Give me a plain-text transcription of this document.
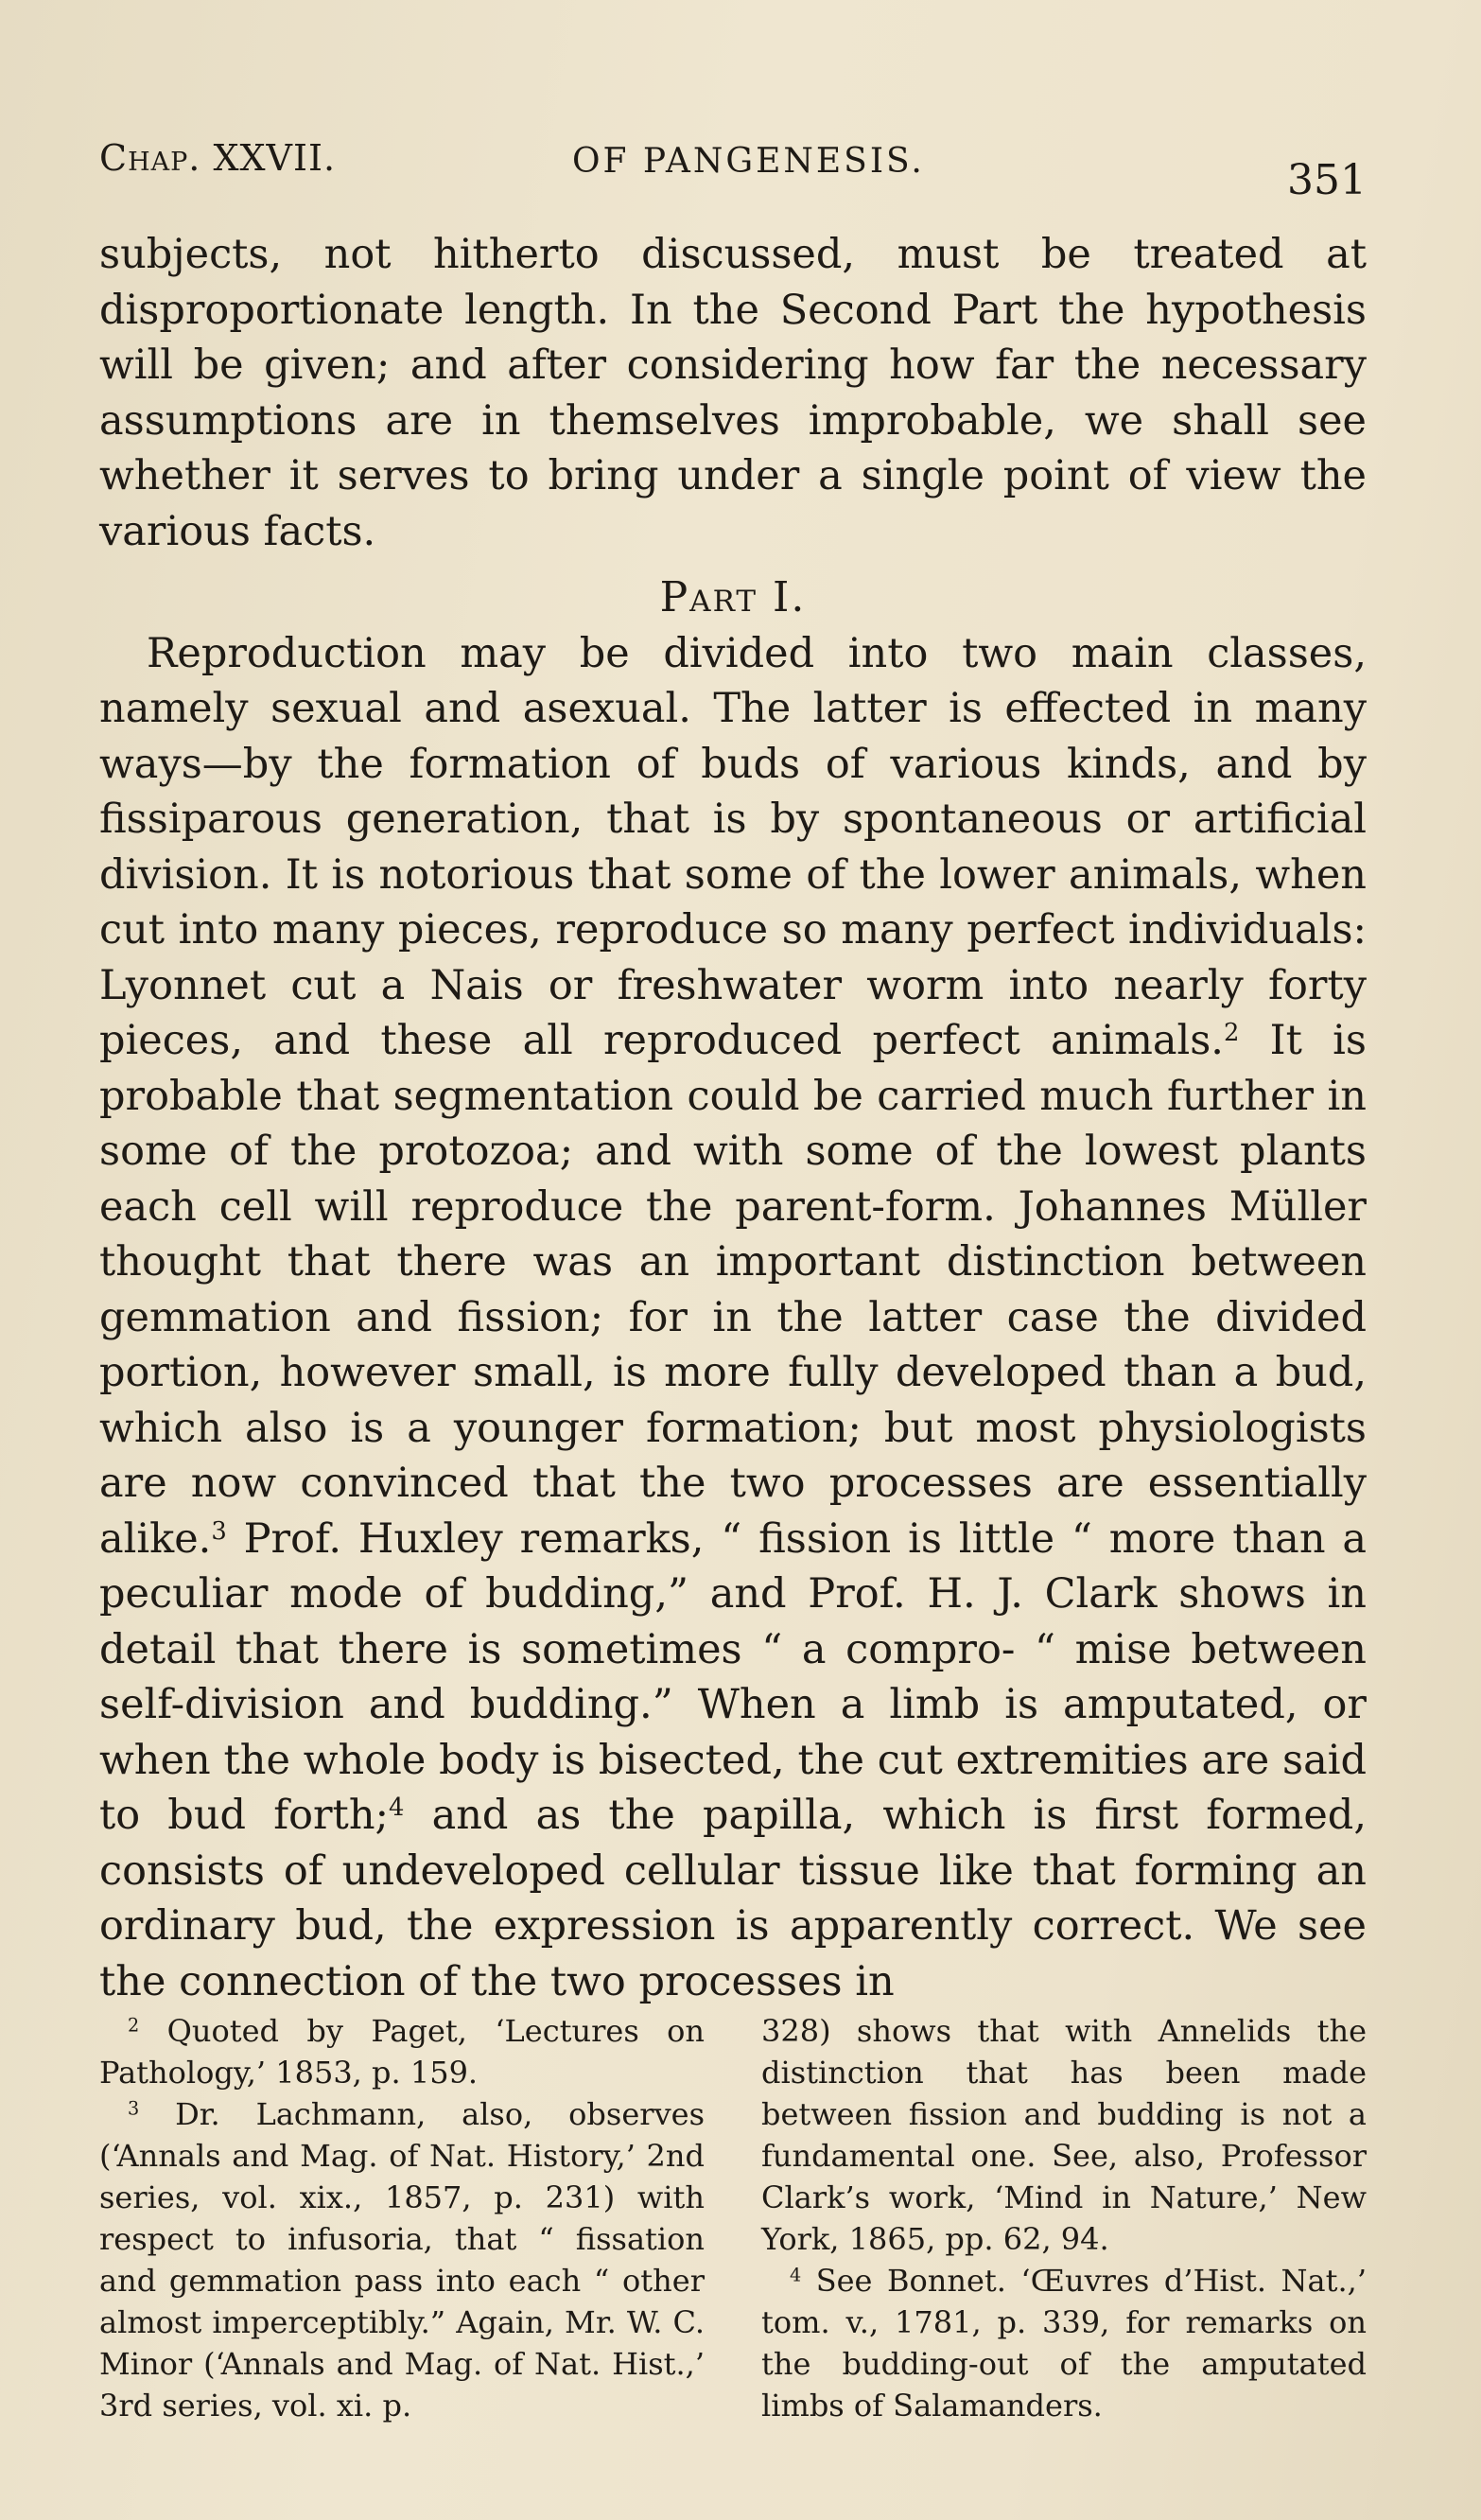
Chap. XXVII.	OF PANGENESIS.	351

subjects, not hitherto discussed, must be treated at disproportionate length. In the Second Part the hypothesis will be given; and after considering how far the necessary assumptions are in themselves improbable, we shall see whether it serves to bring under a single point of view the various facts.

Part I.

Reproduction may be divided into two main classes, namely sexual and asexual. The latter is effected in many ways—by the formation of buds of various kinds, and by fissiparous generation, that is by spontaneous or artificial division. It is notorious that some of the lower animals, when cut into many pieces, reproduce so many perfect individuals: Lyonnet cut a Nais or freshwater worm into nearly forty pieces, and these all reproduced perfect animals.$^2$ It is probable that segmentation could be carried much further in some of the protozoa; and with some of the lowest plants each cell will reproduce the parent-form. Johannes Müller thought that there was an important distinction between gemmation and fission; for in the latter case the divided portion, however small, is more fully developed than a bud, which also is a younger formation; but most physiologists are now convinced that the two processes are essentially alike.$^3$ Prof. Huxley remarks, “ fission is little “ more than a peculiar mode of budding,” and Prof. H. J. Clark shows in detail that there is sometimes “ a compro- “ mise between self-division and budding.” When a limb is amputated, or when the whole body is bisected, the cut extremities are said to bud forth;$^4$ and as the papilla, which is first formed, consists of undeveloped cellular tissue like that forming an ordinary bud, the expression is apparently correct. We see the connection of the two processes in

$^2$ Quoted by Paget, ‘Lectures on Pathology,’ 1853, p. 159.

$^3$ Dr. Lachmann, also, observes (‘Annals and Mag. of Nat. History,’ 2nd series, vol. xix., 1857, p. 231) with respect to infusoria, that “ fissation and gemmation pass into each “ other almost imperceptibly.” Again, Mr. W. C. Minor (‘Annals and Mag. of Nat. Hist.,’ 3rd series, vol. xi. p.

328) shows that with Annelids the distinction that has been made between fission and budding is not a fundamental one. See, also, Professor Clark’s work, ‘Mind in Nature,’ New York, 1865, pp. 62, 94.

$^4$ See Bonnet. ‘Œuvres d’Hist. Nat.,’ tom. v., 1781, p. 339, for remarks on the budding-out of the amputated limbs of Salamanders.
